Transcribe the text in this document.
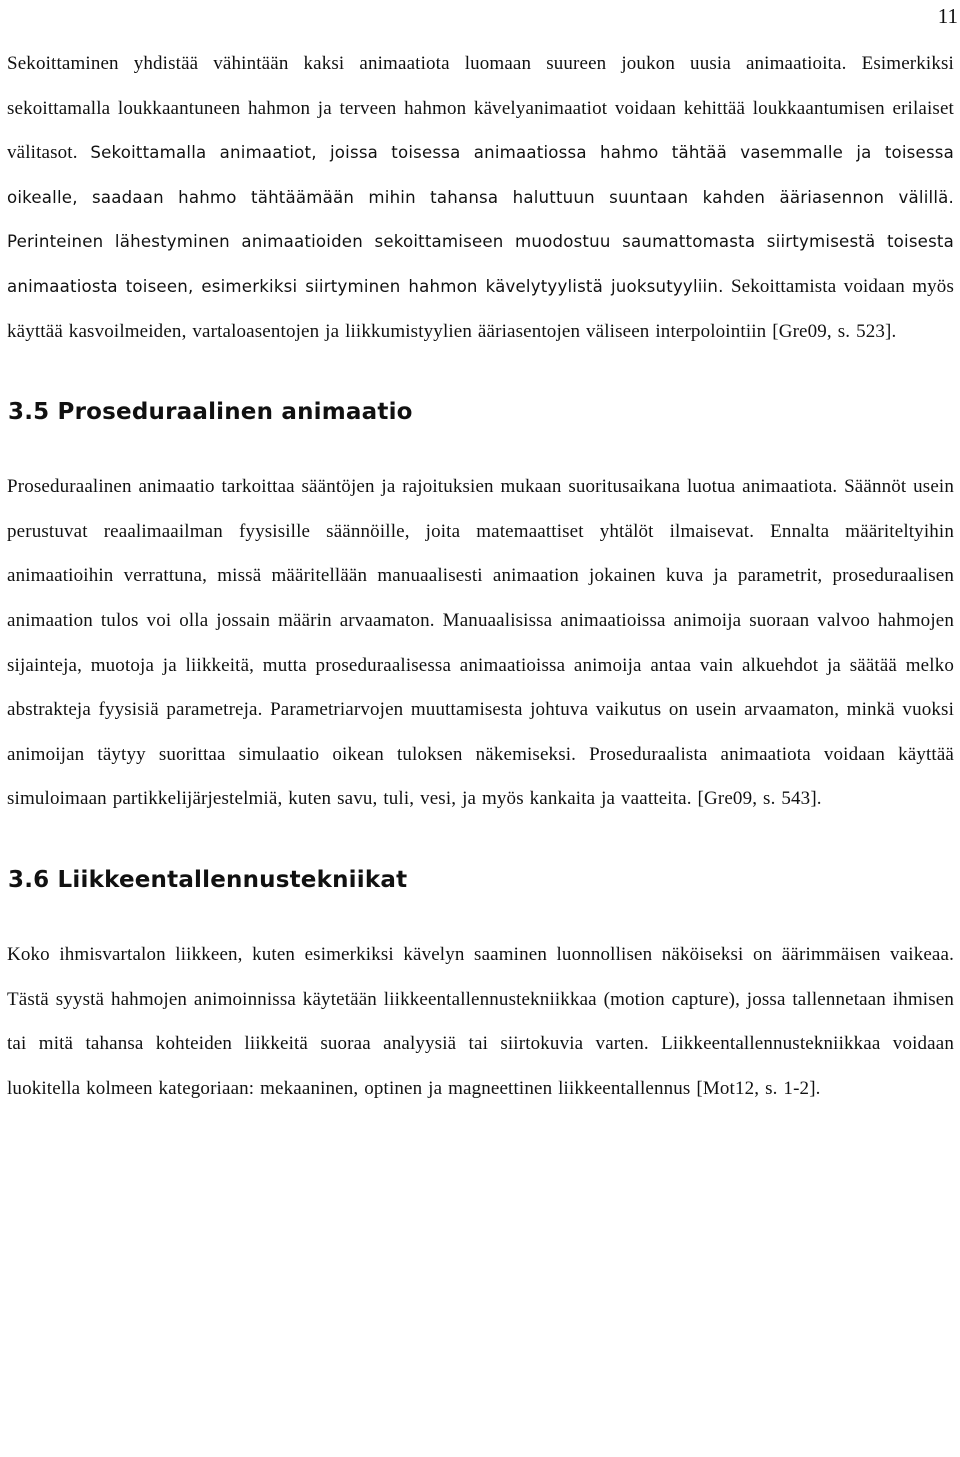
11

Sekoittaminen yhdistää vähintään kaksi animaatiota luomaan suureen joukon uusia animaatioita. Esimerkiksi sekoittamalla loukkaantuneen hahmon ja terveen hahmon kävelyanimaatiot voidaan kehittää loukkaantumisen erilaiset välitasot. Sekoittamalla animaatiot, joissa toisessa animaatiossa hahmo tähtää vasemmalle ja toisessa oikealle, saadaan hahmo tähtäämään mihin tahansa haluttuun suuntaan kahden ääriasennon välillä. Perinteinen lähestyminen animaatioiden sekoittamiseen muodostuu saumattomasta siirtymisestä toisesta animaatiosta toiseen, esimerkiksi siirtyminen hahmon kävelytyylistä juoksutyyliin. Sekoittamista voidaan myös käyttää kasvoilmeiden, vartaloasentojen ja liikkumistyylien ääriasentojen väliseen interpolointiin [Gre09, s. 523].

3.5 Proseduraalinen animaatio

Proseduraalinen animaatio tarkoittaa sääntöjen ja rajoituksien mukaan suoritusaikana luotua animaatiota. Säännöt usein perustuvat reaalimaailman fyysisille säännöille, joita matemaattiset yhtälöt ilmaisevat. Ennalta määriteltyihin animaatioihin verrattuna, missä määritellään manuaalisesti animaation jokainen kuva ja parametrit, proseduraalisen animaation tulos voi olla jossain määrin arvaamaton. Manuaalisissa animaatioissa animoija suoraan valvoo hahmojen sijainteja, muotoja ja liikkeitä, mutta proseduraalisessa animaatioissa animoija antaa vain alkuehdot ja säätää melko abstrakteja fyysisiä parametreja. Parametriarvojen muuttamisesta johtuva vaikutus on usein arvaamaton, minkä vuoksi animoijan täytyy suorittaa simulaatio oikean tuloksen näkemiseksi. Proseduraalista animaatiota voidaan käyttää simuloimaan partikkelijärjestelmiä, kuten savu, tuli, vesi, ja myös kankaita ja vaatteita. [Gre09, s. 543].

3.6 Liikkeentallennustekniikat

Koko ihmisvartalon liikkeen, kuten esimerkiksi kävelyn saaminen luonnollisen näköiseksi on äärimmäisen vaikeaa. Tästä syystä hahmojen animoinnissa käytetään liikkeentallennustekniikkaa (motion capture), jossa tallennetaan ihmisen tai mitä tahansa kohteiden liikkeitä suoraa analyysiä tai siirtokuvia varten. Liikkeentallennustekniikkaa voidaan luokitella kolmeen kategoriaan: mekaaninen, optinen ja magneettinen liikkeentallennus [Mot12, s. 1-2].
